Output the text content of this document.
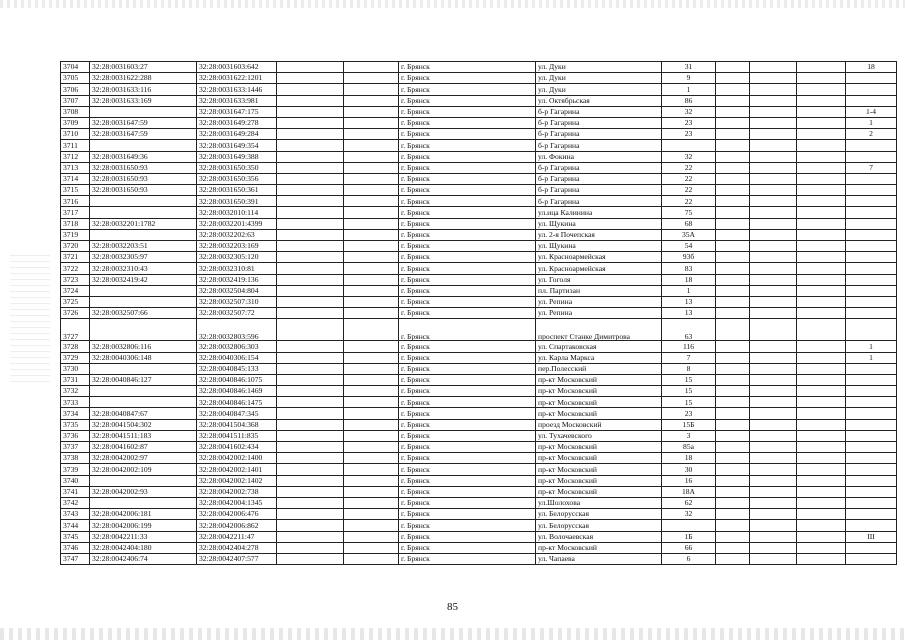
3704	32:28:0031603:27	32:28:0031603:642			г. Брянск	ул. Дуки	31				18
3705	32:28:0031622:288	32:28:0031622:1201			г. Брянск	ул. Дуки	9				
3706	32:28:0031633:116	32:28:0031633:1446			г. Брянск	ул. Дуки	1				
3707	32:28:0031633:169	32:28:0031633:981			г. Брянск	ул. Октябрьская	86				
3708		32:28:0031647:175			г. Брянск	б-р Гагарина	32				1-4
3709	32:28:0031647:59	32:28:0031649:278			г. Брянск	б-р Гагарина	23				1
3710	32:28:0031647:59	32:28:0031649:284			г. Брянск	б-р Гагарина	23				2
3711		32:28:0031649:354			г. Брянск	б-р Гагарина					
3712	32:28:0031649:36	32:28:0031649:388			г. Брянск	ул. Фокина	32				
3713	32:28:0031650:93	32:28:0031650:350			г. Брянск	б-р Гагарина	22				7
3714	32:28:0031650:93	32:28:0031650:356			г. Брянск	б-р Гагарина	22				
3715	32:28:0031650:93	32:28:0031650:361			г. Брянск	б-р Гагарина	22				
3716		32:28:0031650:391			г. Брянск	б-р Гагарина	22				
3717		32:28:0032010:114			г. Брянск	ул.ица Калинина	75				
3718	32:28:0032201:1782	32:28:0032201:4399			г. Брянск	ул. Щукина	68				
3719		32:28:0032202:63			г. Брянск	ул. 2-я Почепская	35А				
3720	32:28:0032203:51	32:28:0032203:169			г. Брянск	ул. Щукина	54				
3721	32:28:0032305:97	32:28:0032305:120			г. Брянск	ул. Красноармейская	93б				
3722	32:28:0032310:43	32:28:0032310:81			г. Брянск	ул. Красноармейская	83				
3723	32:28:0032419:42	32:28:0032419:136			г. Брянск	ул. Гоголя	18				
3724		32:28:0032504:804			г. Брянск	пл. Партизан	1				
3725		32:28:0032507:310			г. Брянск	ул. Репина	13				
3726	32:28:0032507:66	32:28:0032507:72			г. Брянск	ул. Репина	13				
3727		32:28:0032803:596			г. Брянск	проспект Станке Димитрова	63				
3728	32:28:0032806:116	32:28:0032806:303			г. Брянск	ул. Спартаковская	116				1
3729	32:28:0040306:148	32:28:0040306:154			г. Брянск	ул. Карла Маркса	7				1
3730		32:28:0040845:133			г. Брянск	пер.Полесский	8				
3731	32:28:0040846:127	32:28:0040846:1075			г. Брянск	пр-кт Московский	15				
3732		32:28:0040846:1469			г. Брянск	пр-кт Московский	15				
3733		32:28:0040846:1475			г. Брянск	пр-кт Московский	15				
3734	32:28:0040847:67	32:28:0040847:345			г. Брянск	пр-кт Московский	23				
3735	32:28:0041504:302	32:28:0041504:368			г. Брянск	проезд Московский	15Б				
3736	32:28:0041511:183	32:28:0041511:835			г. Брянск	ул. Тухачевского	3				
3737	32:28:0041602:87	32:28:0041602:434			г. Брянск	пр-кт Московский	85а				
3738	32:28:0042002:97	32:28:0042002:1400			г. Брянск	пр-кт Московский	18				
3739	32:28:0042002:109	32:28:0042002:1401			г. Брянск	пр-кт Московский	30				
3740		32:28:0042002:1402			г. Брянск	пр-кт Московский	16				
3741	32:28:0042002:93	32:28:0042002:738			г. Брянск	пр-кт Московский	18А				
3742		32:28:0042004:1345			г. Брянск	ул.Шолохова	62				
3743	32:28:0042006:181	32:28:0042006:476			г. Брянск	ул. Белорусская	32				
3744	32:28:0042006:199	32:28:0042006:862			г. Брянск	ул. Белорусская					
3745	32:28:0042211:33	32:28:0042211:47			г. Брянск	ул. Волочаевская	1Б				III
3746	32:28:0042404:180	32:28:0042404:278			г. Брянск	пр-кт Московский	66				
3747	32:28:0042406:74	32:28:0042407:577			г. Брянск	ул. Чапаева	6				
85
